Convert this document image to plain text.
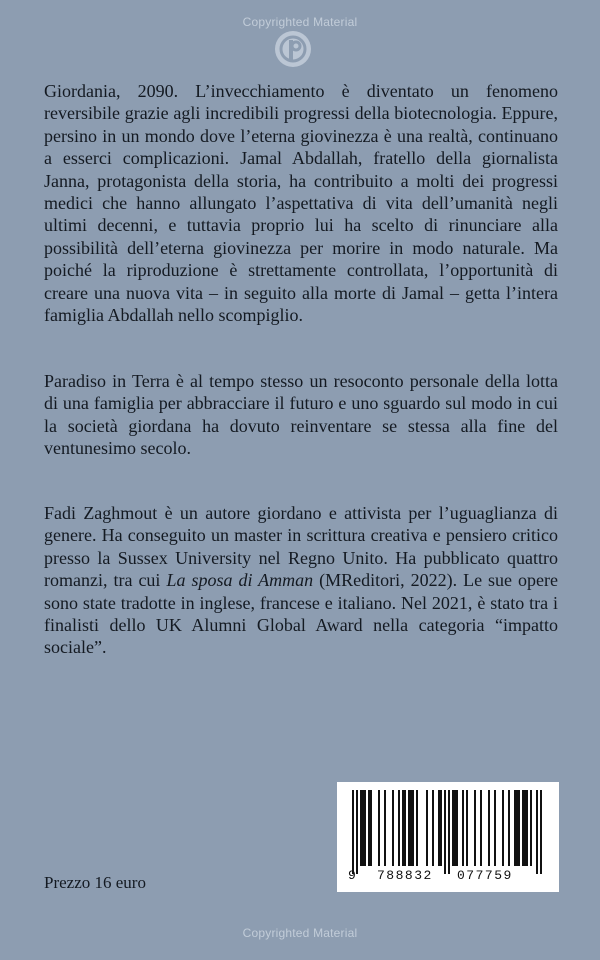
Copyrighted Material

Giordania, 2090. L’invecchiamento è diventato un fenomeno reversibile grazie agli incredibili progressi della biotecnologia. Eppure, persino in un mondo dove l’eterna giovinezza è una realtà, continuano a esserci complicazioni. Jamal Abdallah, fratello della giornalista Janna, protagonista della storia, ha contribuito a molti dei progressi medici che hanno allungato l’aspettativa di vita dell’umanità negli ultimi decenni, e tuttavia proprio lui ha scelto di rinunciare alla possibilità dell’eterna giovinezza per morire in modo naturale. Ma poiché la riproduzione è strettamente controllata, l’opportunità di creare una nuova vita – in seguito alla morte di Jamal – getta l’intera famiglia Abdallah nello scompiglio.

Paradiso in Terra è al tempo stesso un resoconto personale della lotta di una famiglia per abbracciare il futuro e uno sguardo sul modo in cui la società giordana ha dovuto reinventare se stessa alla fine del ventunesimo secolo.

Fadi Zaghmout è un autore giordano e attivista per l’uguaglianza di genere. Ha conseguito un master in scrittura creativa e pensiero critico presso la Sussex University nel Regno Unito. Ha pubblicato quattro romanzi, tra cui La sposa di Amman (MReditori, 2022). Le sue opere sono state tradotte in inglese, francese e italiano. Nel 2021, è stato tra i finalisti dello UK Alumni Global Award nella categoria “impatto sociale”.

9 788832 077759

Prezzo 16 euro

Copyrighted Material
